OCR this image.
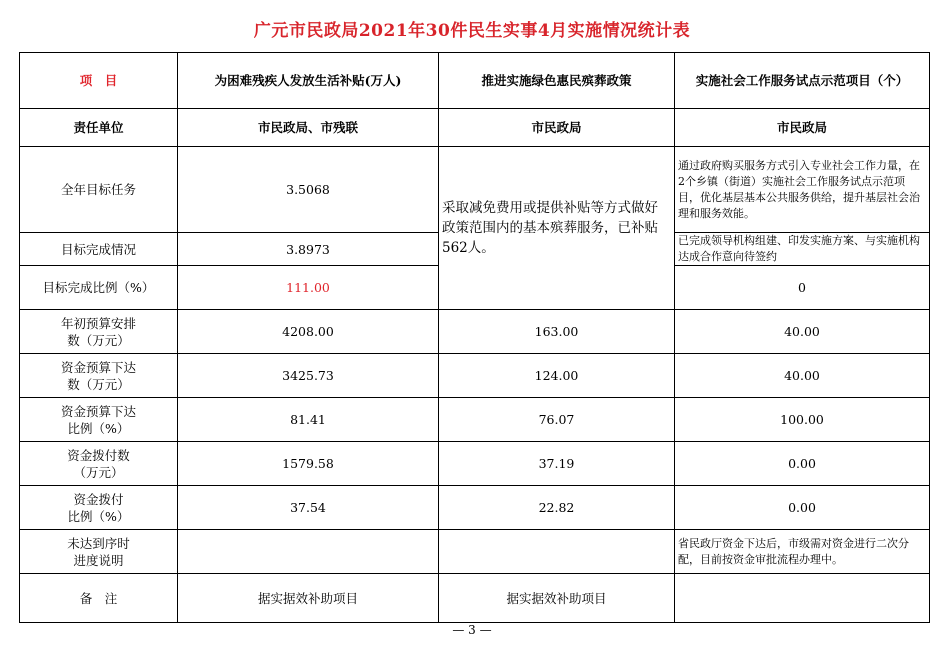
广元市民政局2021年30件民生实事4月实施情况统计表
项　目	为困难残疾人发放生活补贴(万人)	推进实施绿色惠民殡葬政策	实施社会工作服务试点示范项目（个）
责任单位	市民政局、市残联	市民政局	市民政局
全年目标任务	3.5068	采取减免费用或提供补贴等方式做好政策范围内的基本殡葬服务，已补贴562人。	通过政府购买服务方式引入专业社会工作力量，在2个乡镇（街道）实施社会工作服务试点示范项目，优化基层基本公共服务供给，提升基层社会治理和服务效能。
目标完成情况	3.8973		已完成领导机构组建、印发实施方案、与实施机构达成合作意向待签约
目标完成比例（%）	111.00		0
年初预算安排
数（万元）	4208.00	163.00	40.00
资金预算下达
数（万元）	3425.73	124.00	40.00
资金预算下达
比例（%）	81.41	76.07	100.00
资金拨付数
（万元）	1579.58	37.19	0.00
资金拨付
比例（%）	37.54	22.82	0.00
未达到序时
进度说明			省民政厅资金下达后，市级需对资金进行二次分配，目前按资金审批流程办理中。
备　注	据实据效补助项目	据实据效补助项目	
— 3 —
